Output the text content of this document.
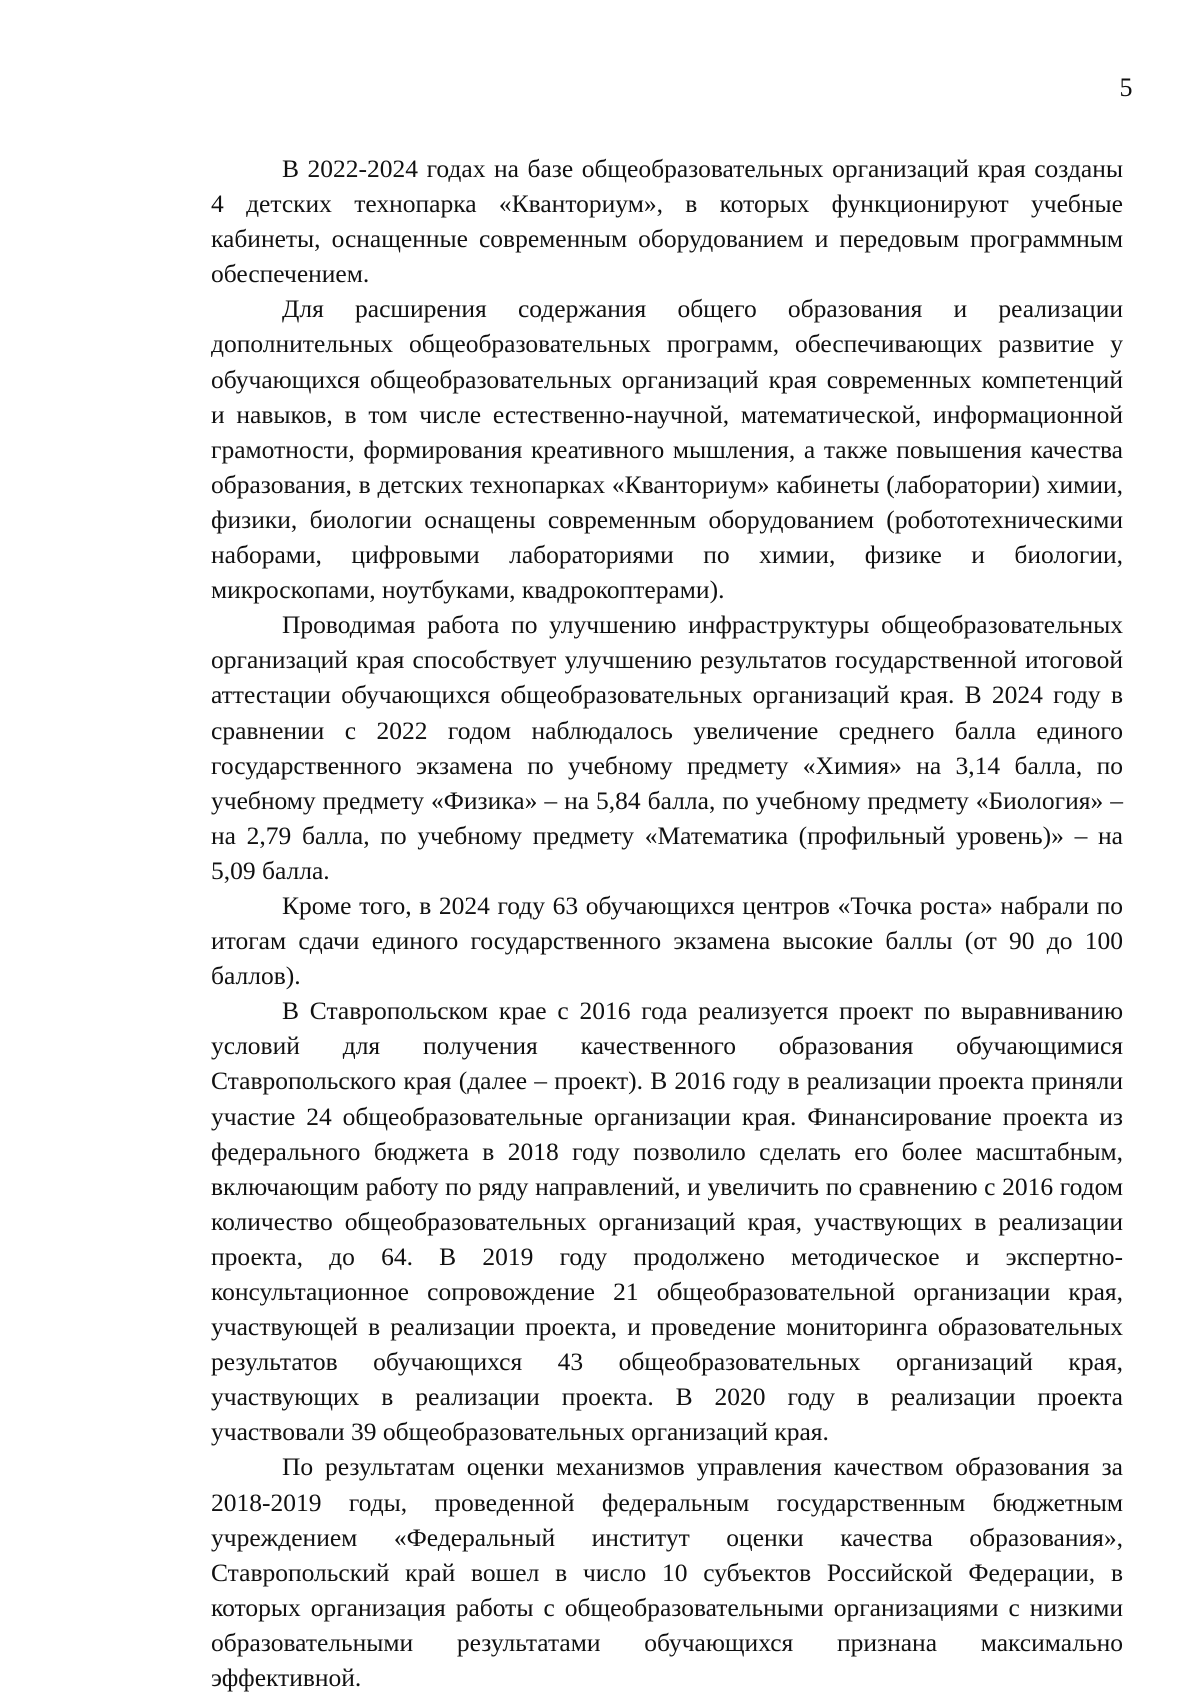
5

В 2022-2024 годах на базе общеобразовательных организаций края созданы 4 детских технопарка «Кванториум», в которых функционируют учебные кабинеты, оснащенные современным оборудованием и передовым программным обеспечением.

Для расширения содержания общего образования и реализации дополнительных общеобразовательных программ, обеспечивающих развитие у обучающихся общеобразовательных организаций края современных компетенций и навыков, в том числе естественно-научной, математической, информационной грамотности, формирования креативного мышления, а также повышения качества образования, в детских технопарках «Кванториум» кабинеты (лаборатории) химии, физики, биологии оснащены современным оборудованием (робототехническими наборами, цифровыми лабораториями по химии, физике и биологии, микроскопами, ноутбуками, квадрокоптерами).

Проводимая работа по улучшению инфраструктуры общеобразовательных организаций края способствует улучшению результатов государственной итоговой аттестации обучающихся общеобразовательных организаций края. В 2024 году в сравнении с 2022 годом наблюдалось увеличение среднего балла единого государственного экзамена по учебному предмету «Химия» на 3,14 балла, по учебному предмету «Физика» – на 5,84 балла, по учебному предмету «Биология» – на 2,79 балла, по учебному предмету «Математика (профильный уровень)» – на 5,09 балла.

Кроме того, в 2024 году 63 обучающихся центров «Точка роста» набрали по итогам сдачи единого государственного экзамена высокие баллы (от 90 до 100 баллов).

В Ставропольском крае с 2016 года реализуется проект по выравниванию условий для получения качественного образования обучающимися Ставропольского края (далее – проект). В 2016 году в реализации проекта приняли участие 24 общеобразовательные организации края. Финансирование проекта из федерального бюджета в 2018 году позволило сделать его более масштабным, включающим работу по ряду направлений, и увеличить по сравнению с 2016 годом количество общеобразовательных организаций края, участвующих в реализации проекта, до 64. В 2019 году продолжено методическое и экспертно-консультационное сопровождение 21 общеобразовательной организации края, участвующей в реализации проекта, и проведение мониторинга образовательных результатов обучающихся 43 общеобразовательных организаций края, участвующих в реализации проекта. В 2020 году в реализации проекта участвовали 39 общеобразовательных организаций края.

По результатам оценки механизмов управления качеством образования за 2018-2019 годы, проведенной федеральным государственным бюджетным учреждением «Федеральный институт оценки качества образования», Ставропольский край вошел в число 10 субъектов Российской Федерации, в которых организация работы с общеобразовательными организациями с низкими образовательными результатами обучающихся признана максимально эффективной.
